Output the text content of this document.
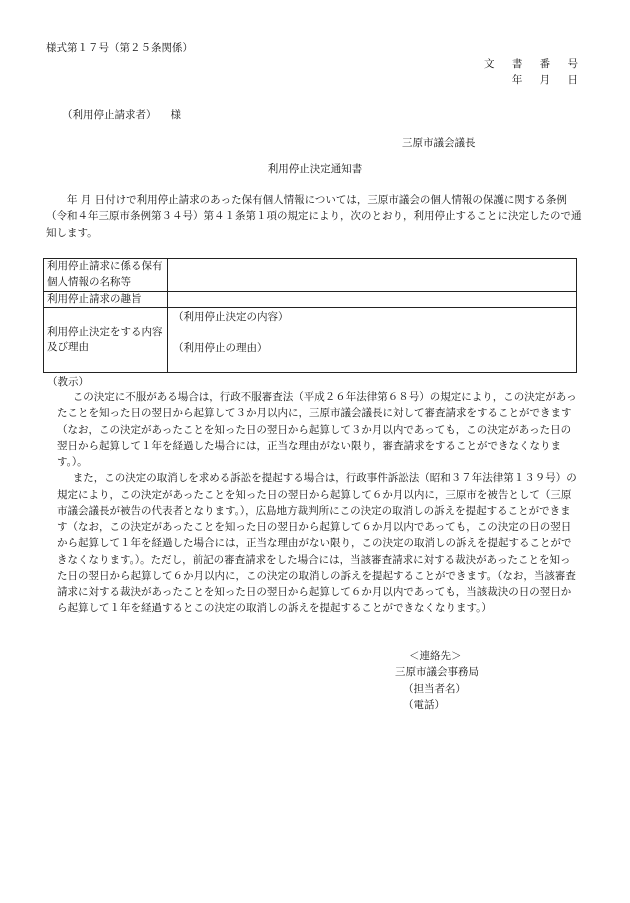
様式第１７号（第２５条関係）
文 書 番 号
年 月 日
（利用停止請求者） 様
三原市議会議長
利用停止決定通知書
年 月 日付けで利用停止請求のあった保有個人情報については，三原市議会の個人情報の保護に関する条例（令和４年三原市条例第３４号）第４１条第１項の規定により，次のとおり，利用停止することに決定したので通知します。
利用停止請求に係る保有個人情報の名称等	
利用停止請求の趣旨	
利用停止決定をする内容及び理由	（利用停止決定の内容）
（利用停止の理由）
（教示）

この決定に不服がある場合は，行政不服審査法（平成２６年法律第６８号）の規定により，この決定があったことを知った日の翌日から起算して３か月以内に，三原市議会議長に対して審査請求をすることができます（なお，この決定があったことを知った日の翌日から起算して３か月以内であっても，この決定があった日の翌日から起算して１年を経過した場合には，正当な理由がない限り，審査請求をすることができなくなります。）。

また，この決定の取消しを求める訴訟を提起する場合は，行政事件訴訟法（昭和３７年法律第１３９号）の規定により，この決定があったことを知った日の翌日から起算して６か月以内に，三原市を被告として（三原市議会議長が被告の代表者となります。），広島地方裁判所にこの決定の取消しの訴えを提起することができます（なお，この決定があったことを知った日の翌日から起算して６か月以内であっても，この決定の日の翌日から起算して１年を経過した場合には，正当な理由がない限り，この決定の取消しの訴えを提起することができなくなります。）。ただし，前記の審査請求をした場合には，当該審査請求に対する裁決があったことを知った日の翌日から起算して６か月以内に，この決定の取消しの訴えを提起することができます。（なお，当該審査請求に対する裁決があったことを知った日の翌日から起算して６か月以内であっても，当該裁決の日の翌日から起算して１年を経過するとこの決定の取消しの訴えを提起することができなくなります。）

＜連絡先＞
三原市議会事務局
（担当者名）
（電話）
